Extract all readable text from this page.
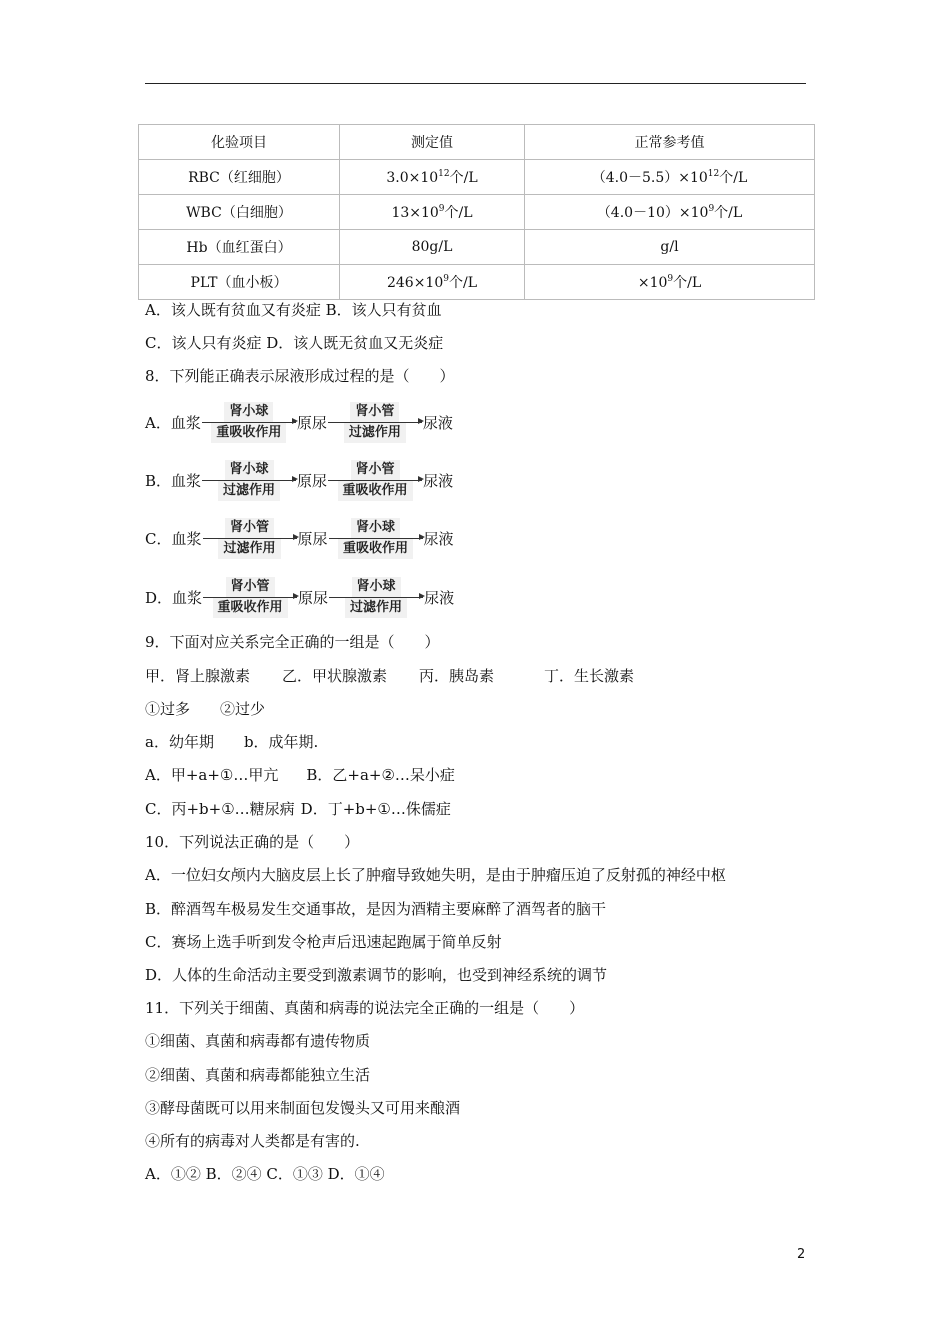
化验项目	测定值	正常参考值
RBC（红细胞）	$3.0\times 10^{12}$个/L	$(4.0-5.5)\times 10^{12}$个/L
WBC（白细胞）	$13\times 10^9$个/L	$(4.0-10)\times 10^9$个/L
Hb（血红蛋白）	80g/L	g/l
PLT（血小板）	$246\times 10^9$个/L	$\times 10^9$个/L
A．该人既有贫血又有炎症 B．该人只有贫血
C．该人只有炎症 D．该人既无贫血又无炎症
8．下列能正确表示尿液形成过程的是（　　）
A． 血浆
肾小球
重吸收作用
原尿
肾小管
过滤作用
尿液
B． 血浆
肾小球
过滤作用
原尿
肾小管
重吸收作用
尿液
C． 血浆
肾小管
过滤作用
原尿
肾小球
重吸收作用
尿液
D． 血浆
肾小管
重吸收作用
原尿
肾小球
过滤作用
尿液
9．下面对应关系完全正确的一组是（　　）
甲．肾上腺激素 乙．甲状腺激素 丙．胰岛素	丁．生长激素
①过多 ②过少
a．幼年期 b．成年期.
A．甲+a+①…甲亢 B．乙+a+②…呆小症
C．丙+b+①…糖尿病 D．丁+b+①…侏儒症
10．下列说法正确的是（　　）
A．一位妇女颅内大脑皮层上长了肿瘤导致她失明，是由于肿瘤压迫了反射孤的神经中枢
B．醉酒驾车极易发生交通事故，是因为酒精主要麻醉了酒驾者的脑干
C．赛场上选手听到发令枪声后迅速起跑属于简单反射
D．人体的生命活动主要受到激素调节的影响，也受到神经系统的调节
11．下列关于细菌、真菌和病毒的说法完全正确的一组是（　　）
①细菌、真菌和病毒都有遗传物质
②细菌、真菌和病毒都能独立生活
③酵母菌既可以用来制面包发馒头又可用来酿酒
④所有的病毒对人类都是有害的.
A．①② B．②④ C．①③ D．①④
2
